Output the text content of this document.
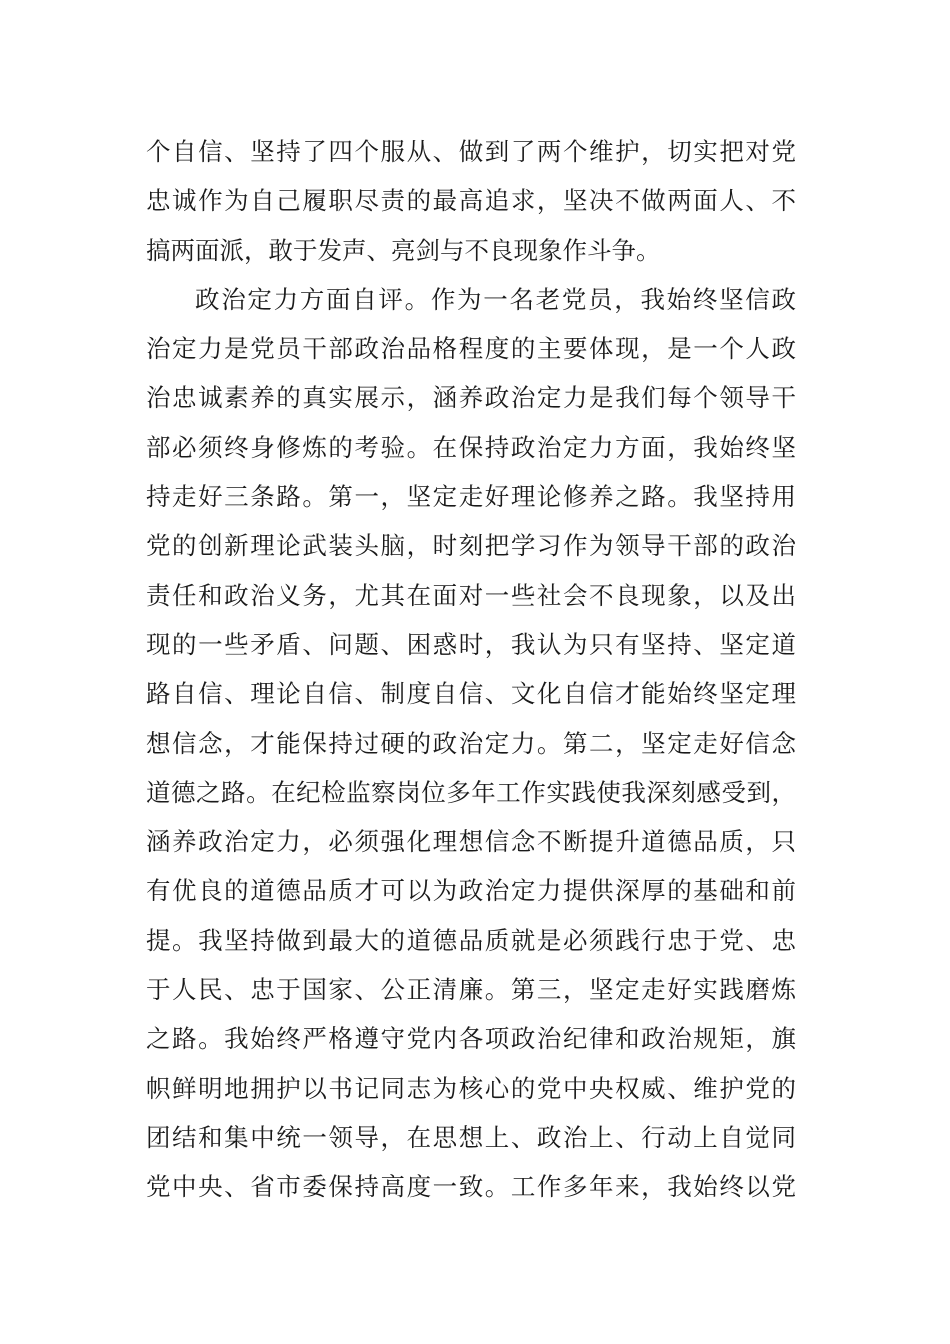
个自信、坚持了四个服从、做到了两个维护，切实把对党
忠诚作为自己履职尽责的最高追求，坚决不做两面人、不
搞两面派，敢于发声、亮剑与不良现象作斗争。
政治定力方面自评。作为一名老党员，我始终坚信政
治定力是党员干部政治品格程度的主要体现，是一个人政
治忠诚素养的真实展示，涵养政治定力是我们每个领导干
部必须终身修炼的考验。在保持政治定力方面，我始终坚
持走好三条路。第一，坚定走好理论修养之路。我坚持用
党的创新理论武装头脑，时刻把学习作为领导干部的政治
责任和政治义务，尤其在面对一些社会不良现象，以及出
现的一些矛盾、问题、困惑时，我认为只有坚持、坚定道
路自信、理论自信、制度自信、文化自信才能始终坚定理
想信念，才能保持过硬的政治定力。第二，坚定走好信念
道德之路。在纪检监察岗位多年工作实践使我深刻感受到，
涵养政治定力，必须强化理想信念不断提升道德品质，只
有优良的道德品质才可以为政治定力提供深厚的基础和前
提。我坚持做到最大的道德品质就是必须践行忠于党、忠
于人民、忠于国家、公正清廉。第三，坚定走好实践磨炼
之路。我始终严格遵守党内各项政治纪律和政治规矩，旗
帜鲜明地拥护以书记同志为核心的党中央权威、维护党的
团结和集中统一领导，在思想上、政治上、行动上自觉同
党中央、省市委保持高度一致。工作多年来，我始终以党
